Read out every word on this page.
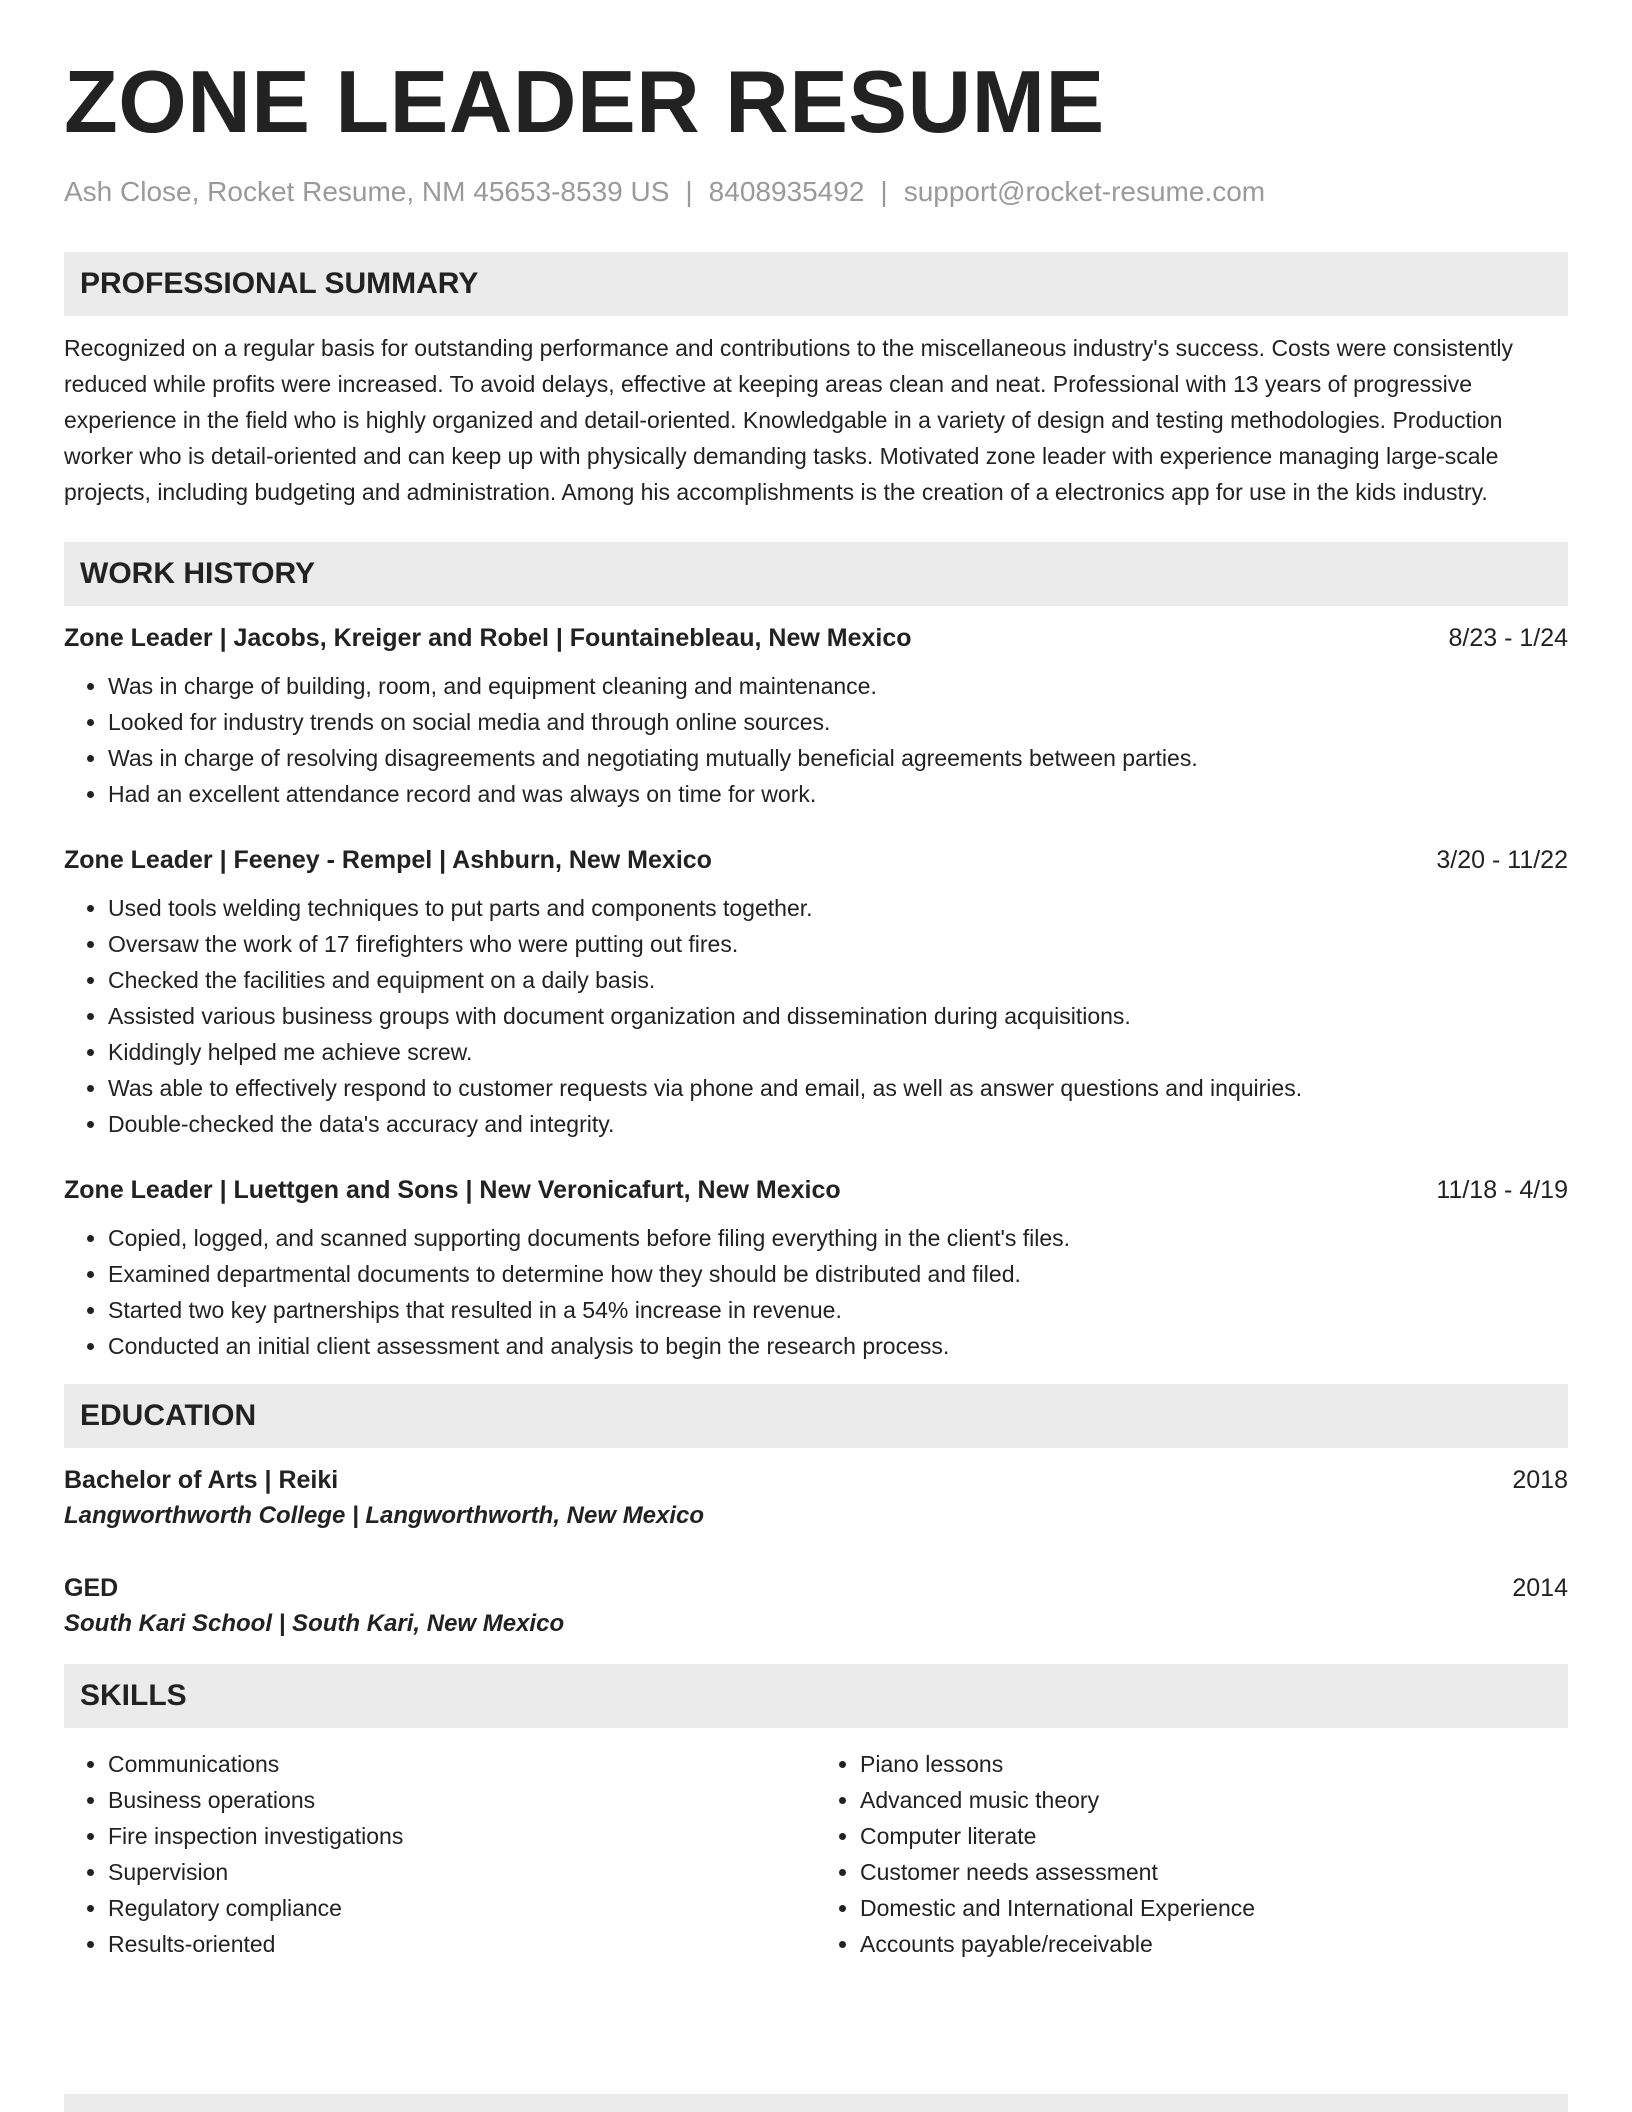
ZONE LEADER RESUME
Ash Close, Rocket Resume, NM 45653-8539 US | 8408935492 | support@rocket-resume.com
PROFESSIONAL SUMMARY

Recognized on a regular basis for outstanding performance and contributions to the miscellaneous industry's success. Costs were consistently reduced while profits were increased. To avoid delays, effective at keeping areas clean and neat. Professional with 13 years of progressive experience in the field who is highly organized and detail-oriented. Knowledgable in a variety of design and testing methodologies. Production worker who is detail-oriented and can keep up with physically demanding tasks. Motivated zone leader with experience managing large-scale projects, including budgeting and administration. Among his accomplishments is the creation of a electronics app for use in the kids industry.

WORK HISTORY
Zone Leader | Jacobs, Kreiger and Robel | Fountainebleau, New Mexico	8/23 - 1/24
• Was in charge of building, room, and equipment cleaning and maintenance.
• Looked for industry trends on social media and through online sources.
• Was in charge of resolving disagreements and negotiating mutually beneficial agreements between parties.
• Had an excellent attendance record and was always on time for work.
Zone Leader | Feeney - Rempel | Ashburn, New Mexico	3/20 - 11/22
• Used tools welding techniques to put parts and components together.
• Oversaw the work of 17 firefighters who were putting out fires.
• Checked the facilities and equipment on a daily basis.
• Assisted various business groups with document organization and dissemination during acquisitions.
• Kiddingly helped me achieve screw.
• Was able to effectively respond to customer requests via phone and email, as well as answer questions and inquiries.
• Double-checked the data's accuracy and integrity.
Zone Leader | Luettgen and Sons | New Veronicafurt, New Mexico	11/18 - 4/19
• Copied, logged, and scanned supporting documents before filing everything in the client's files.
• Examined departmental documents to determine how they should be distributed and filed.
• Started two key partnerships that resulted in a 54% increase in revenue.
• Conducted an initial client assessment and analysis to begin the research process.
EDUCATION
Bachelor of Arts | Reiki	2018
Langworthworth College | Langworthworth, New Mexico
GED	2014
South Kari School | South Kari, New Mexico
SKILLS
• Communications
• Business operations
• Fire inspection investigations
• Supervision
• Regulatory compliance
• Results-oriented
• Piano lessons
• Advanced music theory
• Computer literate
• Customer needs assessment
• Domestic and International Experience
• Accounts payable/receivable
